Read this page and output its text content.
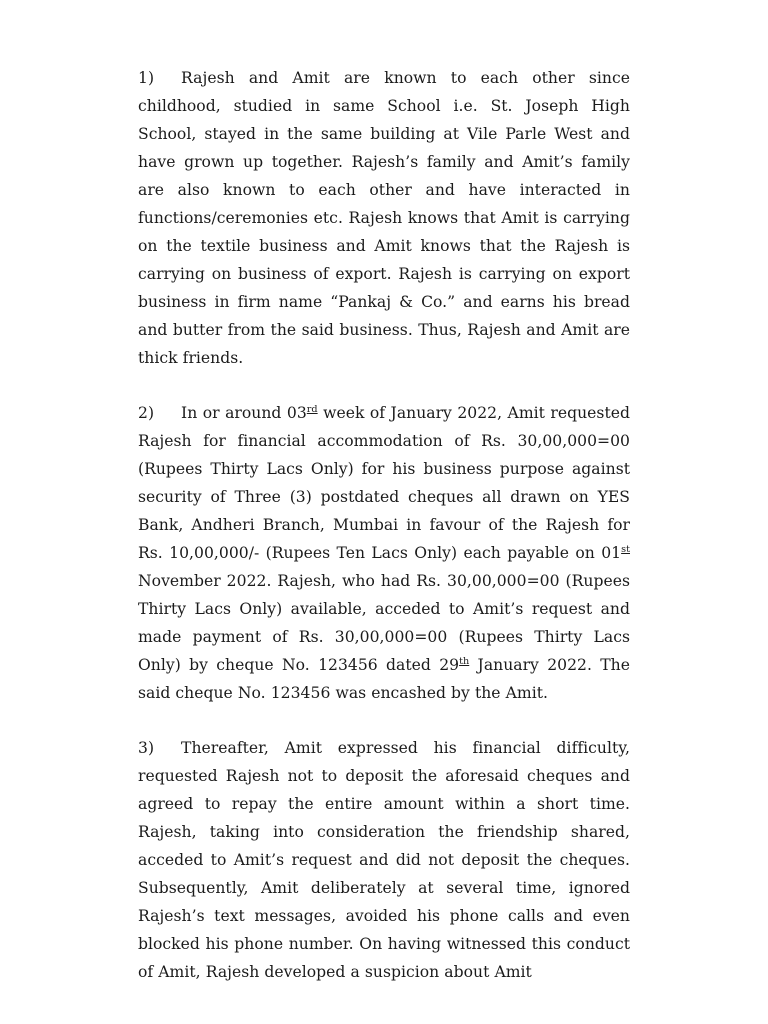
1) Rajesh and Amit are known to each other since childhood, studied in same School i.e. St. Joseph High School, stayed in the same building at Vile Parle West and have grown up together. Rajesh’s family and Amit’s family are also known to each other and have interacted in functions/ceremonies etc. Rajesh knows that Amit is carrying on the textile business and Amit knows that the Rajesh is carrying on business of export. Rajesh is carrying on export business in firm name “Pankaj & Co.” and earns his bread and butter from the said business. Thus, Rajesh and Amit are thick friends.

2) In or around 03rd week of January 2022, Amit requested Rajesh for financial accommodation of Rs. 30,00,000=00 (Rupees Thirty Lacs Only) for his business purpose against security of Three (3) postdated cheques all drawn on YES Bank, Andheri Branch, Mumbai in favour of the Rajesh for Rs. 10,00,000/- (Rupees Ten Lacs Only) each payable on 01st November 2022. Rajesh, who had Rs. 30,00,000=00 (Rupees Thirty Lacs Only) available, acceded to Amit’s request and made payment of Rs. 30,00,000=00 (Rupees Thirty Lacs Only) by cheque No. 123456 dated 29th January 2022. The said cheque No. 123456 was encashed by the Amit.

3) Thereafter, Amit expressed his financial difficulty, requested Rajesh not to deposit the aforesaid cheques and agreed to repay the entire amount within a short time. Rajesh, taking into consideration the friendship shared, acceded to Amit’s request and did not deposit the cheques. Subsequently, Amit deliberately at several time, ignored Rajesh’s text messages, avoided his phone calls and even blocked his phone number. On having witnessed this conduct of Amit, Rajesh developed a suspicion about Amit
